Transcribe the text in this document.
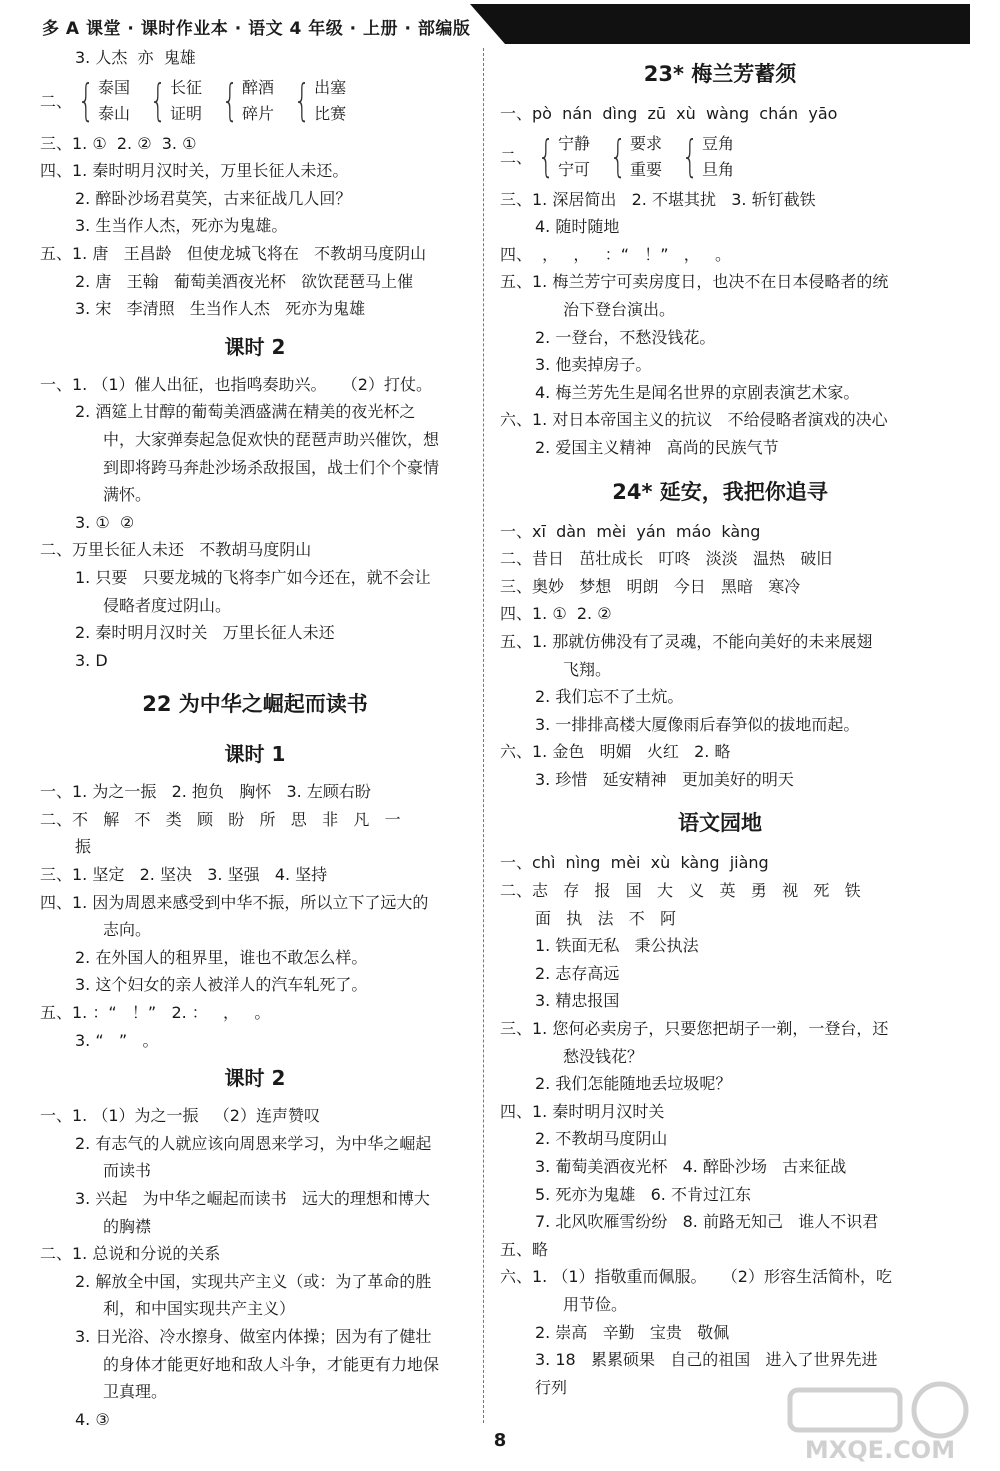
多 A 课堂 · 课时作业本 · 语文 4 年级 · 上册 · 部编版
3. 人杰  亦  鬼雄
二、 { 泰国
泰山 { 长征
证明 { 醉酒
碎片 { 出塞
比赛
三、1. ①  2. ②  3. ①
四、1. 秦时明月汉时关，万里长征人未还。
2. 醉卧沙场君莫笑，古来征战几人回？
3. 生当作人杰，死亦为鬼雄。
五、1. 唐   王昌龄   但使龙城飞将在   不教胡马度阴山
2. 唐   王翰   葡萄美酒夜光杯   欲饮琵琶马上催
3. 宋   李清照   生当作人杰   死亦为鬼雄
课时 2
一、1. （1）催人出征，也指鸣奏助兴。   （2）打仗。
2. 酒筵上甘醇的葡萄美酒盛满在精美的夜光杯之
中，大家弹奏起急促欢快的琵琶声助兴催饮，想
到即将跨马奔赴沙场杀敌报国，战士们个个豪情
满怀。
3. ①  ②
二、万里长征人未还   不教胡马度阴山
1. 只要   只要龙城的飞将李广如今还在，就不会让
侵略者度过阴山。
2. 秦时明月汉时关   万里长征人未还
3. D
22 为中华之崛起而读书
课时 1
一、1. 为之一振   2. 抱负   胸怀   3. 左顾右盼
二、不   解   不   类   顾   盼   所   思   非   凡   一
振
三、1. 坚定   2. 坚决   3. 坚强   4. 坚持
四、1. 因为周恩来感受到中华不振，所以立下了远大的
志向。
2. 在外国人的租界里，谁也不敢怎么样。
3. 这个妇女的亲人被洋人的汽车轧死了。
五、1. ：“   ！”   2. ：   ，   。
3. “   ”   。
课时 2
一、1. （1）为之一振   （2）连声赞叹
2. 有志气的人就应该向周恩来学习，为中华之崛起
而读书
3. 兴起   为中华之崛起而读书   远大的理想和博大
的胸襟
二、1. 总说和分说的关系
2. 解放全中国，实现共产主义（或：为了革命的胜
利，和中国实现共产主义）
3. 日光浴、冷水擦身、做室内体操；因为有了健壮
的身体才能更好地和敌人斗争，才能更有力地保
卫真理。
4. ③
23* 梅兰芳蓄须
一、pò  nán  dìng  zū  xù  wàng  chán  yāo
二、 { 宁静
宁可 { 要求
重要 { 豆角
旦角
三、1. 深居简出   2. 不堪其扰   3. 斩钉截铁
4. 随时随地
四、  ，   ，   ：“   ！”   ，   。
五、1. 梅兰芳宁可卖房度日，也决不在日本侵略者的统
治下登台演出。
2. 一登台，不愁没钱花。
3. 他卖掉房子。
4. 梅兰芳先生是闻名世界的京剧表演艺术家。
六、1. 对日本帝国主义的抗议   不给侵略者演戏的决心
2. 爱国主义精神   高尚的民族气节
24* 延安，我把你追寻
一、xī  dàn  mèi  yán  máo  kàng
二、昔日   茁壮成长   叮咚   淡淡   温热   破旧
三、奥妙   梦想   明朗   今日   黑暗   寒冷
四、1. ①  2. ②
五、1. 那就仿佛没有了灵魂，不能向美好的未来展翅
飞翔。
2. 我们忘不了土炕。
3. 一排排高楼大厦像雨后春笋似的拔地而起。
六、1. 金色   明媚   火红   2. 略
3. 珍惜   延安精神   更加美好的明天
语文园地
一、chì  nìng  mèi  xù  kàng  jiàng
二、志   存   报   国   大   义   英   勇   视   死   铁
面   执   法   不   阿
1. 铁面无私   秉公执法
2. 志存高远
3. 精忠报国
三、1. 您何必卖房子，只要您把胡子一剃，一登台，还
愁没钱花？
2. 我们怎能随地丢垃圾呢？
四、1. 秦时明月汉时关
2. 不教胡马度阴山
3. 葡萄美酒夜光杯   4. 醉卧沙场   古来征战
5. 死亦为鬼雄   6. 不肯过江东
7. 北风吹雁雪纷纷   8. 前路无知己   谁人不识君
五、略
六、1. （1）指敬重而佩服。   （2）形容生活简朴，吃
用节俭。
2. 崇高   辛勤   宝贵   敬佩
3. 18   累累硕果   自己的祖国   进入了世界先进
行列
8	MXQE.COM
